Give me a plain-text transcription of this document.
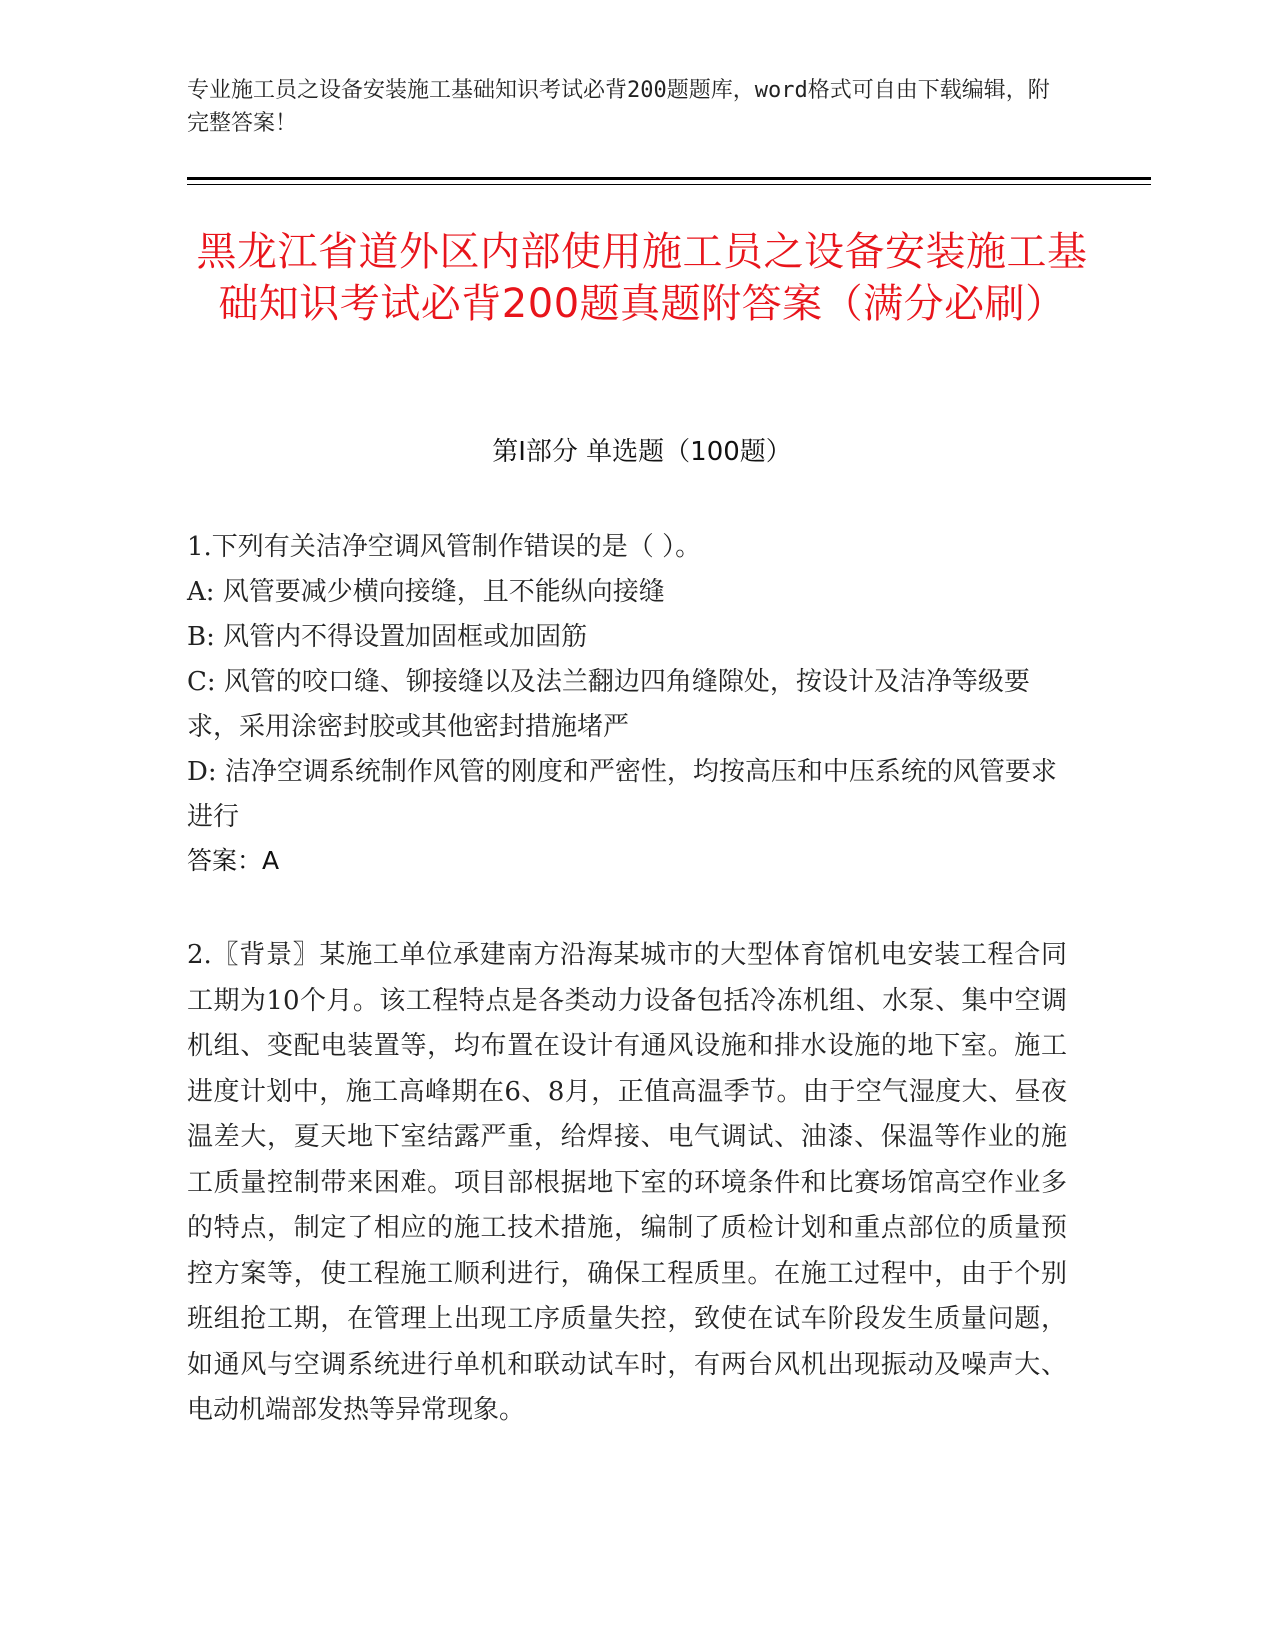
专业施工员之设备安装施工基础知识考试必背200题题库，word格式可自由下载编辑，附完整答案！
黑龙江省道外区内部使用施工员之设备安装施工基础知识考试必背200题真题附答案（满分必刷）
第Ⅰ部分 单选题（100题）
1.下列有关洁净空调风管制作错误的是（ ）。
A: 风管要减少横向接缝，且不能纵向接缝
B: 风管内不得设置加固框或加固筋
C: 风管的咬口缝、铆接缝以及法兰翻边四角缝隙处，按设计及洁净等级要求，采用涂密封胶或其他密封措施堵严
D: 洁净空调系统制作风管的刚度和严密性，均按高压和中压系统的风管要求进行
答案：A
2.〖背景〗某施工单位承建南方沿海某城市的大型体育馆机电安装工程合同工期为10个月。该工程特点是各类动力设备包括冷冻机组、水泵、集中空调机组、变配电装置等，均布置在设计有通风设施和排水设施的地下室。施工进度计划中，施工高峰期在6、8月，正值高温季节。由于空气湿度大、昼夜温差大，夏天地下室结露严重，给焊接、电气调试、油漆、保温等作业的施工质量控制带来困难。项目部根据地下室的环境条件和比赛场馆高空作业多的特点，制定了相应的施工技术措施，编制了质检计划和重点部位的质量预控方案等，使工程施工顺利进行，确保工程质里。在施工过程中，由于个别班组抢工期，在管理上出现工序质量失控，致使在试车阶段发生质量问题，如通风与空调系统进行单机和联动试车时，有两台风机出现振动及噪声大、电动机端部发热等异常现象。
